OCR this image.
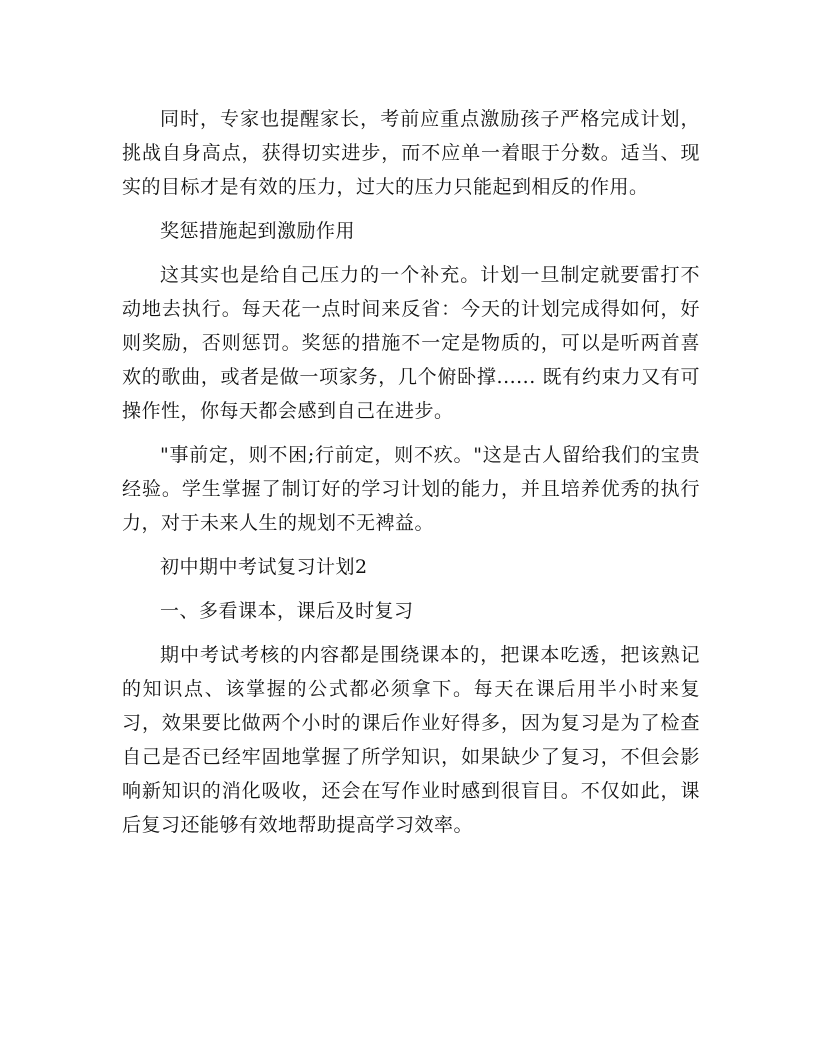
同时，专家也提醒家长，考前应重点激励孩子严格完成计划，挑战自身高点，获得切实进步，而不应单一着眼于分数。适当、现实的目标才是有效的压力，过大的压力只能起到相反的作用。

奖惩措施起到激励作用

这其实也是给自己压力的一个补充。计划一旦制定就要雷打不动地去执行。每天花一点时间来反省：今天的计划完成得如何，好则奖励，否则惩罚。奖惩的措施不一定是物质的，可以是听两首喜欢的歌曲，或者是做一项家务，几个俯卧撑...... 既有约束力又有可操作性，你每天都会感到自己在进步。

"事前定，则不困;行前定，则不疚。"这是古人留给我们的宝贵经验。学生掌握了制订好的学习计划的能力，并且培养优秀的执行力，对于未来人生的规划不无裨益。

初中期中考试复习计划2

一、多看课本，课后及时复习

期中考试考核的内容都是围绕课本的，把课本吃透，把该熟记的知识点、该掌握的公式都必须拿下。每天在课后用半小时来复习，效果要比做两个小时的课后作业好得多，因为复习是为了检查自己是否已经牢固地掌握了所学知识，如果缺少了复习，不但会影响新知识的消化吸收，还会在写作业时感到很盲目。不仅如此，课后复习还能够有效地帮助提高学习效率。
